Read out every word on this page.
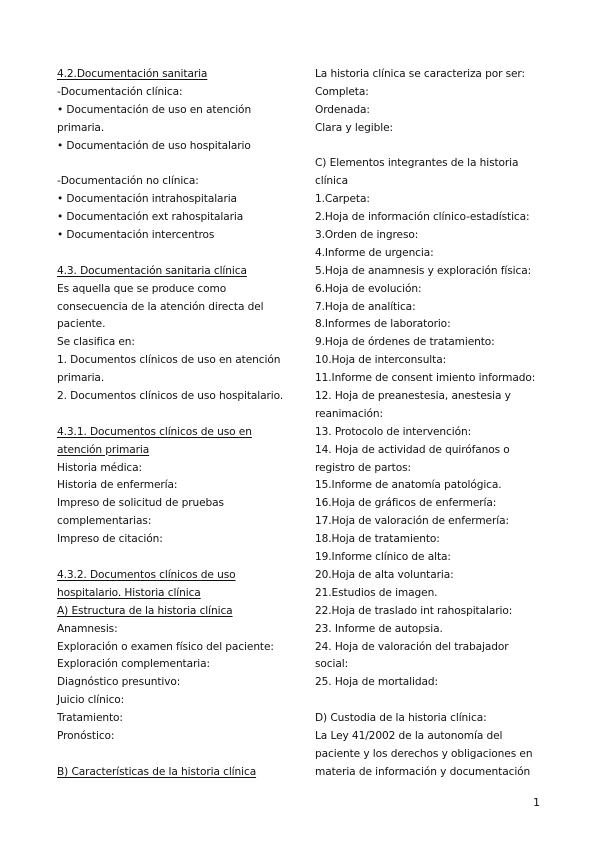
4.2.Documentación sanitaria
-Documentación clínica:
• Documentación de uso en atención
primaria.
• Documentación de uso hospitalario
-Documentación no clínica:
• Documentación intrahospitalaria
• Documentación ext rahospitalaria
• Documentación intercentros
4.3. Documentación sanitaria clínica
Es aquella que se produce como
consecuencia de la atención directa del
paciente.
Se clasifica en:
1. Documentos clínicos de uso en atención
primaria.
2. Documentos clínicos de uso hospitalario.
4.3.1. Documentos clínicos de uso en
atención primaria
Historia médica:
Historia de enfermería:
Impreso de solicitud de pruebas
complementarias:
Impreso de citación:
4.3.2. Documentos clínicos de uso
hospitalario. Historia clínica
A) Estructura de la historia clínica
Anamnesis:
Exploración o examen físico del paciente:
Exploración complementaria:
Diagnóstico presuntivo:
Juicio clínico:
Tratamiento:
Pronóstico:
B) Características de la historia clínica
La historia clínica se caracteriza por ser:
Completa:
Ordenada:
Clara y legible:
C) Elementos integrantes de la historia
clínica
1.Carpeta:
2.Hoja de información clínico-estadística:
3.Orden de ingreso:
4.Informe de urgencia:
5.Hoja de anamnesis y exploración física:
6.Hoja de evolución:
7.Hoja de analítica:
8.Informes de laboratorio:
9.Hoja de órdenes de tratamiento:
10.Hoja de interconsulta:
11.Informe de consent imiento informado:
12. Hoja de preanestesia, anestesia y
reanimación:
13. Protocolo de intervención:
14. Hoja de actividad de quirófanos o
registro de partos:
15.Informe de anatomía patológica.
16.Hoja de gráficos de enfermería:
17.Hoja de valoración de enfermería:
18.Hoja de tratamiento:
19.Informe clínico de alta:
20.Hoja de alta voluntaria:
21.Estudios de imagen.
22.Hoja de traslado int rahospitalario:
23. Informe de autopsia.
24. Hoja de valoración del trabajador
social:
25. Hoja de mortalidad:
D) Custodia de la historia clínica:
La Ley 41/2002 de la autonomía del
paciente y los derechos y obligaciones en
materia de información y documentación
1
